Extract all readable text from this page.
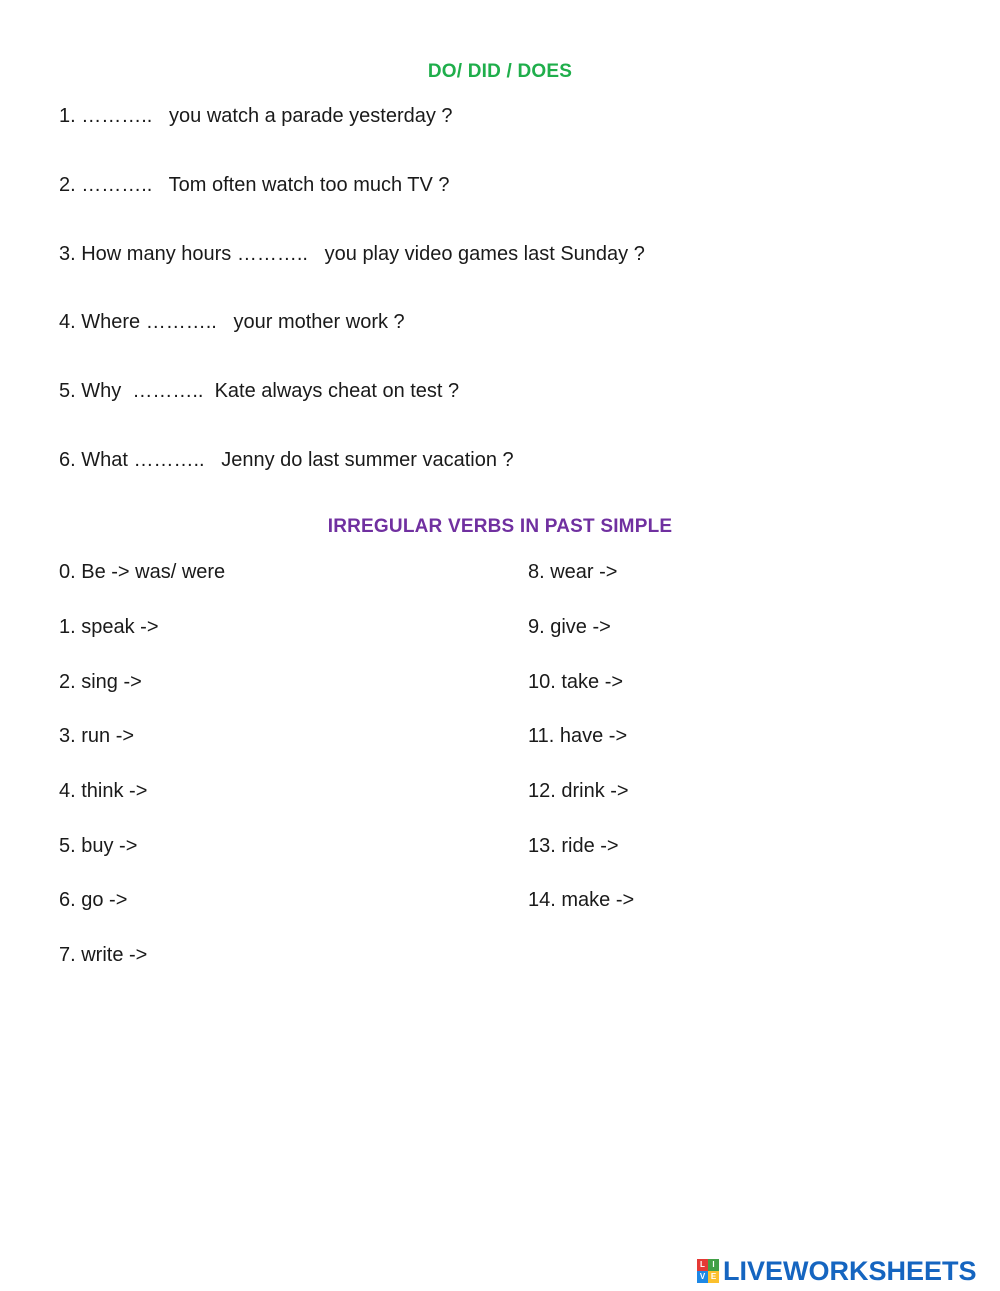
DO/ DID / DOES
1. ………..   you watch a parade yesterday ?
2. ………..   Tom often watch too much TV ?
3. How many hours ………..   you play video games last Sunday ?
4. Where ………..   your mother work ?
5. Why  ………..  Kate always cheat on test ?
6. What ………..   Jenny do last summer vacation ?
IRREGULAR VERBS IN PAST SIMPLE
0. Be -> was/ were
1. speak ->
2. sing ->
3. run ->
4. think ->
5. buy ->
6. go ->
7. write ->
8. wear ->
9. give ->
10. take ->
11. have ->
12. drink ->
13. ride ->
14. make ->
L I
V E LIVEWORKSHEETS
